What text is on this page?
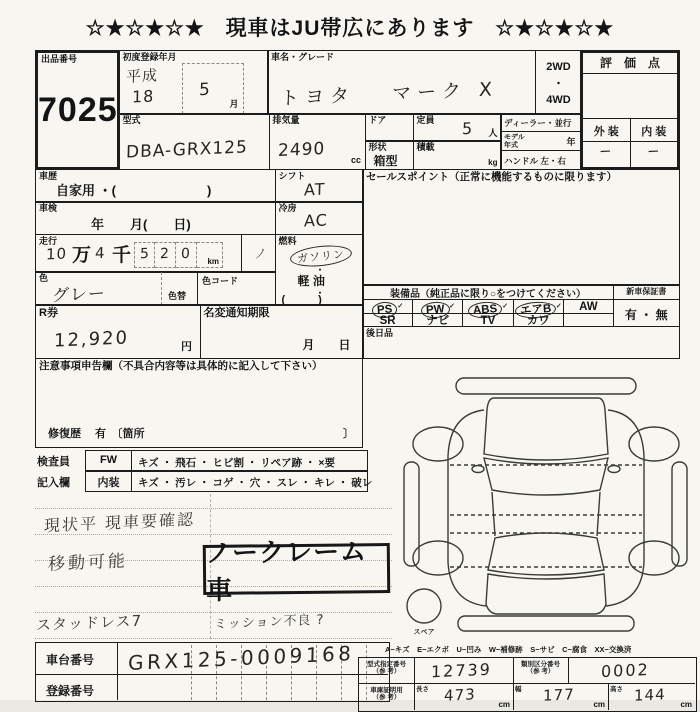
☆★☆★☆★ 現車はJU帯広にあります ☆★☆★☆★
出品番号
7025
初度登録年月
平成
18	5
月
車名・グレード
トヨタ　 マーク X
2WD ・ 4WD
評　価　点
外 装	内 装
−	−
型式
DBA-GRX125
排気量
2490	cc
ドア	定員 5 人
形状
箱型
積載
kg
ディーラー・並行
モデル年式	年
ハンドル 左・右
車歴
自家用 ・(　　　　　　　)
シフト
AT
車検
年　　月(　　日)
冷房
AC
走行
10 万 4 千 5 2 0	km	ノ
燃料
ガソリン
・
軽 油
・
(　　　)
色
グレー	色替
色コード
R券
12,920	円
名変通知期限
月　　日
セールスポイント（正常に機能するものに限ります）
装備品（純正品に限り○をつけてください）
PS ✓	PW ✓	ABS ✓ エアB ✓	AW
SR	ナビ	TV	カワ
新車保証書
有 ・ 無
後日品
注意事項申告欄（不具合内容等は具体的に記入して下さい）
修復歴　 有　〔箇所	〕
検査員
記入欄
FW	キズ ・ 飛石 ・ ヒビ割 ・ リペア跡 ・ ×要
内装	キズ ・ 汚レ ・ コゲ ・ 穴 ・ スレ ・ キレ ・ 破レ
現状平 現車要確認
移動可能	ノークレーム車
スタッドレス7	ミッション不良 ?
車台番号
登録番号
GRX125-0009168	A−キズ　E−エクボ　U−凹み　W−補修跡　S−サビ　C−腐食　XX−交換済
型式指定番号
（参 考）	12739	類別区分番号
（参 考）	0002
車庫証明用
（参 考）
長さ 473	cm
幅 177 cm
高さ 144 cm
スペア
